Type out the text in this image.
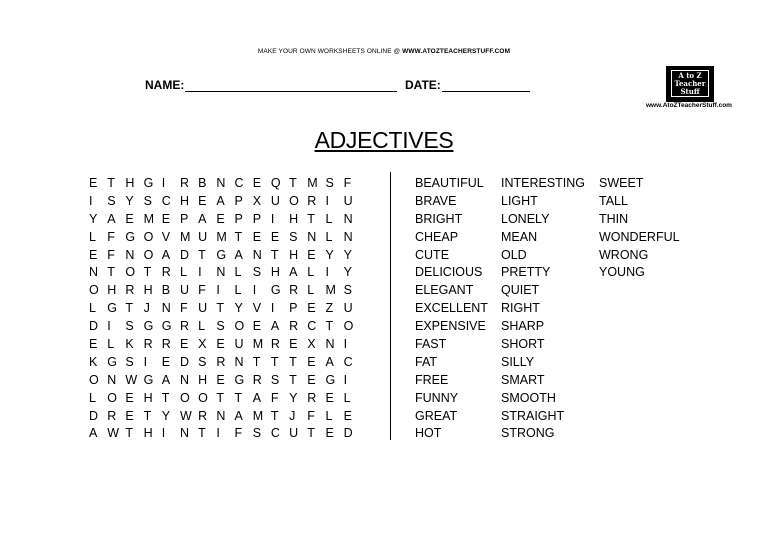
MAKE YOUR OWN WORKSHEETS ONLINE @ WWW.ATOZTEACHERSTUFF.COM
A to Z
Teacher
Stuff
www.AtoZTeacherStuff.com
NAME:	DATE:
ADJECTIVES
E T H G I R B N C E Q T M S F
I S Y S C H E A P X U O R I U
Y A E M E P A E P P I H T L N
L F G O V M U M T E E S N L N
E F N O A D T G A N T H E Y Y
N T O T R L I N L S H A L I Y
O H R H B U F I L I G R L M S
L G T J N F U T Y V I P E Z U
D I S G G R L S O E A R C T O
E L K R R E X E U M R E X N I
K G S I E D S R N T T T E A C
O N W G A N H E G R S T E G I
L O E H T O O T T A F Y R E L
D R E T Y W R N A M T J F L E
A W T H I N T I F S C U T E D
BEAUTIFUL
BRAVE
BRIGHT
CHEAP
CUTE
DELICIOUS
ELEGANT
EXCELLENT
EXPENSIVE
FAST
FAT
FREE
FUNNY
GREAT
HOT
INTERESTING
LIGHT
LONELY
MEAN
OLD
PRETTY
QUIET
RIGHT
SHARP
SHORT
SILLY
SMART
SMOOTH
STRAIGHT
STRONG
SWEET
TALL
THIN
WONDERFUL
WRONG
YOUNG
